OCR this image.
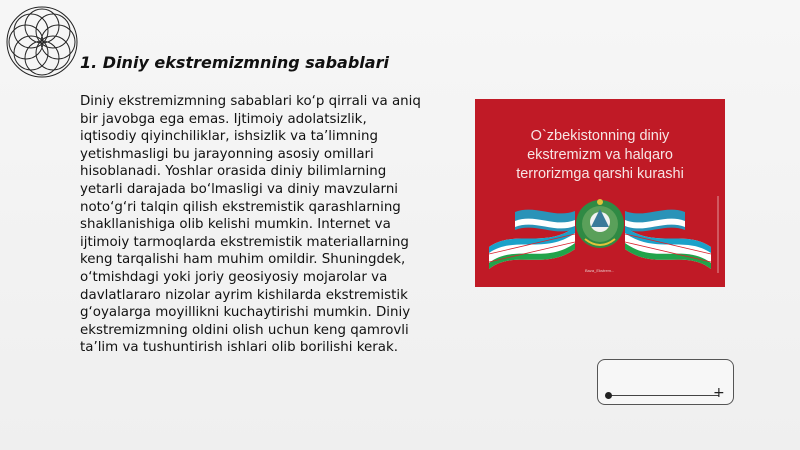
1. Diniy ekstremizmning sabablari

Diniy ekstremizmning sabablari ko‘p qirrali va aniq bir javobga ega emas. Ijtimoiy adolatsizlik, iqtisodiy qiyinchiliklar, ishsizlik va ta’limning yetishmasligi bu jarayonning asosiy omillari hisoblanadi. Yoshlar orasida diniy bilimlarning yetarli darajada bo‘lmasligi va diniy mavzularni noto‘g‘ri talqin qilish ekstremistik qarashlarning shakllanishiga olib kelishi mumkin. Internet va ijtimoiy tarmoqlarda ekstremistik materiallarning keng tarqalishi ham muhim omildir. Shuningdek, o‘tmishdagi yoki joriy geosiyosiy mojarolar va davlatlararo nizolar ayrim kishilarda ekstremistik g‘oyalarga moyillikni kuchaytirishi mumkin. Diniy ekstremizmning oldini olish uchun keng qamrovli ta’lim va tushuntirish ishlari olib borilishi kerak.

O`zbekistonning diniy
ekstremizm va halqaro
terrorizmga qarshi kurashi
Baza_Ekstrem...
+
